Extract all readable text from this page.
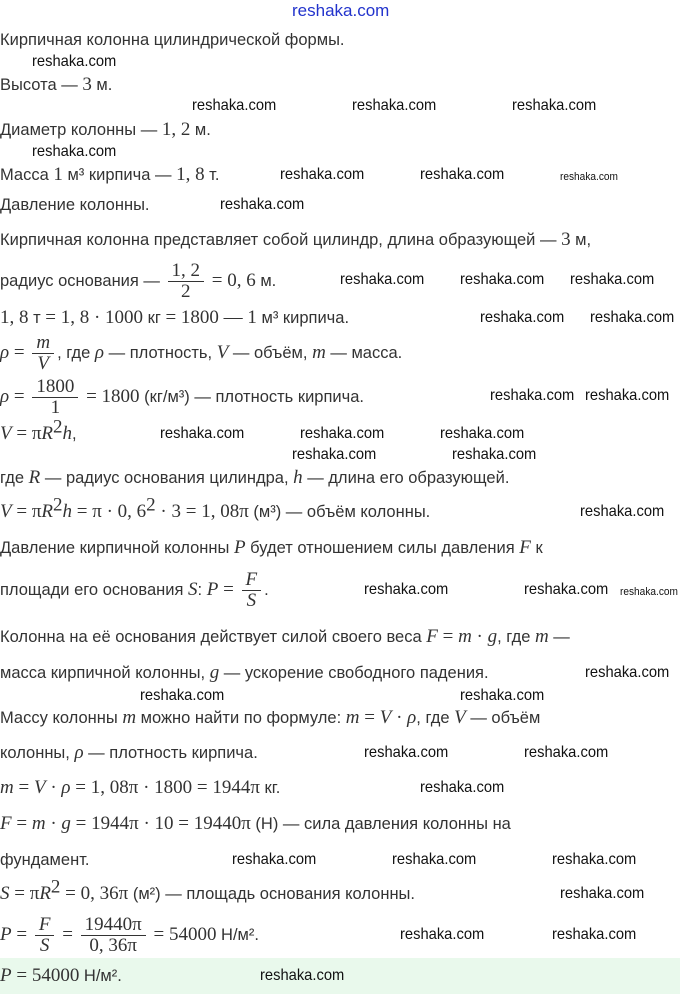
reshaka.com
Кирпичная колонна цилиндрической формы.
Высота — 3 м.
Диаметр колонны — 1, 2 м.
Масса 1 м³ кирпича — 1, 8 т.
Давление колонны.
Кирпичная колонна представляет собой цилиндр, длина образующей — 3 м,
радиус основания — $\frac{1, 2}{2} = 0$, 6 м.
1, 8 т = 1, 8 · 1000 кг = 1800 — 1 м³ кирпича.
$\rho = \frac{m}{V}$ , где ρ — плотность, V — объём, m — масса.
$\rho = \frac{1800}{1} = 1800$ (кг/м³) — плотность кирпича.
$V = \pi R^2h$,
где R — радиус основания цилиндра, h — длина его образующей.
$V = \pi R^2h = \pi \cdot 0$, $6^2 \cdot 3 = 1$, 08π (м³) — объём колонны.
Давление кирпичной колонны P будет отношением силы давления F к
площади его основания S: $P = \frac{F}{S}$ .
Колонна на её основания действует силой своего веса F = m · g, где m —
масса кирпичной колонны, g — ускорение свободного падения.
Массу колонны m можно найти по формуле: m = V · ρ, где V — объём
колонны, ρ — плотность кирпича.
m = V · ρ = 1, 08π · 1800 = 1944π кг.
F = m · g = 1944π · 10 = 19440π (Н) — сила давления колонны на
фундамент.
$S = \pi R^2 = 0$, 36π (м²) — площадь основания колонны.
$P = \frac{F}{S} = \frac{19440\pi}{0, 36\pi} = 54000$ Н/м².
P = 54000 Н/м².
reshaka.com
reshaka.com	reshaka.com	reshaka.com
reshaka.com
reshaka.com	reshaka.com	reshaka.com
reshaka.com
reshaka.com reshaka.com reshaka.com
reshaka.com reshaka.com
reshaka.com reshaka.com
reshaka.com	reshaka.com	reshaka.com
reshaka.com	reshaka.com
reshaka.com
reshaka.com	reshaka.com reshaka.com
reshaka.com
reshaka.com
reshaka.com
reshaka.com	reshaka.com
reshaka.com
reshaka.com	reshaka.com	reshaka.com
reshaka.com
reshaka.com	reshaka.com
reshaka.com
